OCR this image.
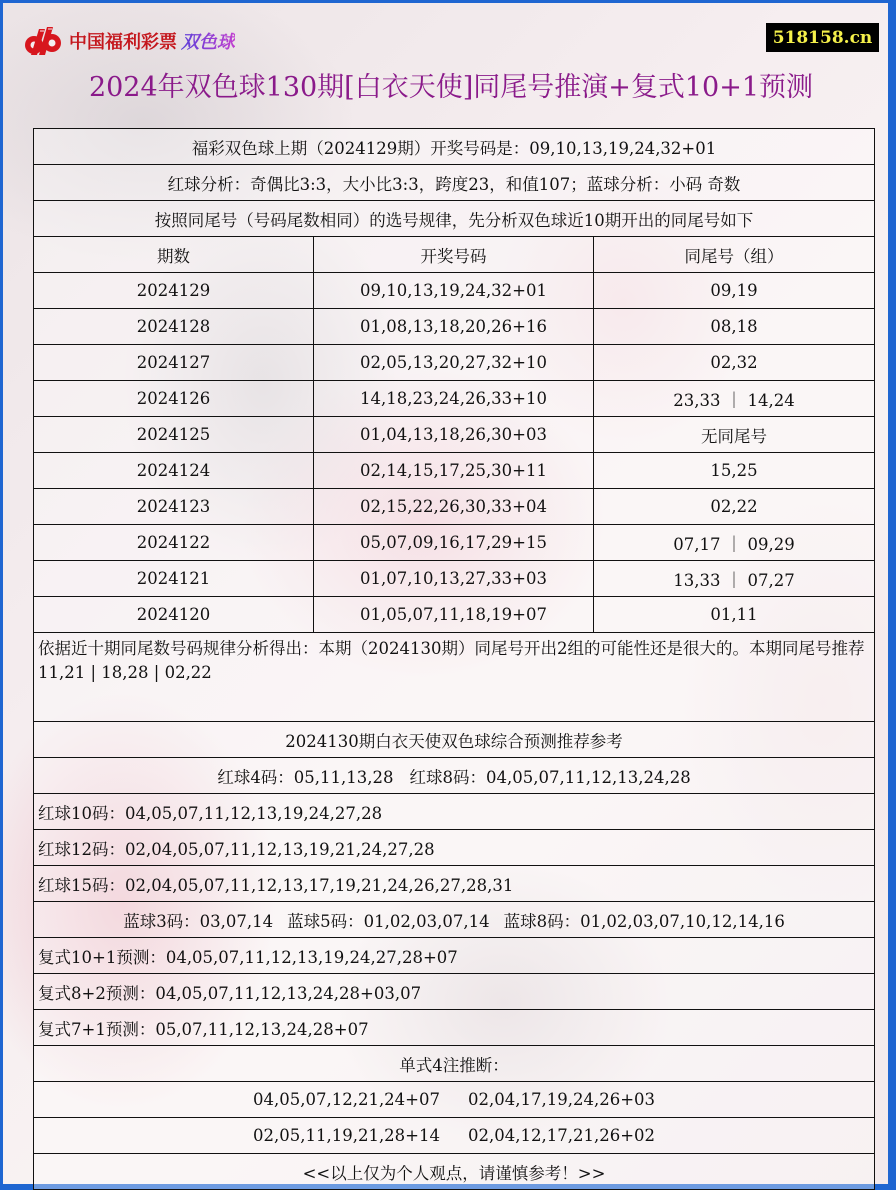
中国福利彩票 双色球	518158.cn
2024年双色球130期[白衣天使]同尾号推演+复式10+1预测
福彩双色球上期（2024129期）开奖号码是：09,10,13,19,24,32+01		
红球分析：奇偶比3:3，大小比3:3，跨度23，和值107；蓝球分析：小码 奇数		
按照同尾号（号码尾数相同）的选号规律，先分析双色球近10期开出的同尾号如下		
期数	开奖号码	同尾号（组）
2024129	09,10,13,19,24,32+01	09,19
2024128	01,08,13,18,20,26+16	08,18
2024127	02,05,13,20,27,32+10	02,32
2024126	14,18,23,24,26,33+10	23,33 ｜ 14,24
2024125	01,04,13,18,26,30+03	无同尾号
2024124	02,14,15,17,25,30+11	15,25
2024123	02,15,22,26,30,33+04	02,22
2024122	05,07,09,16,17,29+15	07,17 ｜ 09,29
2024121	01,07,10,13,27,33+03	13,33 ｜ 07,27
2024120	01,05,07,11,18,19+07	01,11
依据近十期同尾数号码规律分析得出：本期（2024130期）同尾号开出2组的可能性还是很大的。本期同尾号推荐11,21 | 18,28 | 02,22		
2024130期白衣天使双色球综合预测推荐参考		
红球4码：05,11,13,28 红球8码：04,05,07,11,12,13,24,28		
红球10码：04,05,07,11,12,13,19,24,27,28		
红球12码：02,04,05,07,11,12,13,19,21,24,27,28		
红球15码：02,04,05,07,11,12,13,17,19,21,24,26,27,28,31		
蓝球3码：03,07,14 蓝球5码：01,02,03,07,14 蓝球8码：01,02,03,07,10,12,14,16		
复式10+1预测：04,05,07,11,12,13,19,24,27,28+07		
复式8+2预测：04,05,07,11,12,13,24,28+03,07		
复式7+1预测：05,07,11,12,13,24,28+07		
单式4注推断：		
04,05,07,12,21,24+07 02,04,17,19,24,26+03		
02,05,11,19,21,28+14 02,04,12,17,21,26+02		
<<以上仅为个人观点，请谨慎参考！>>		
